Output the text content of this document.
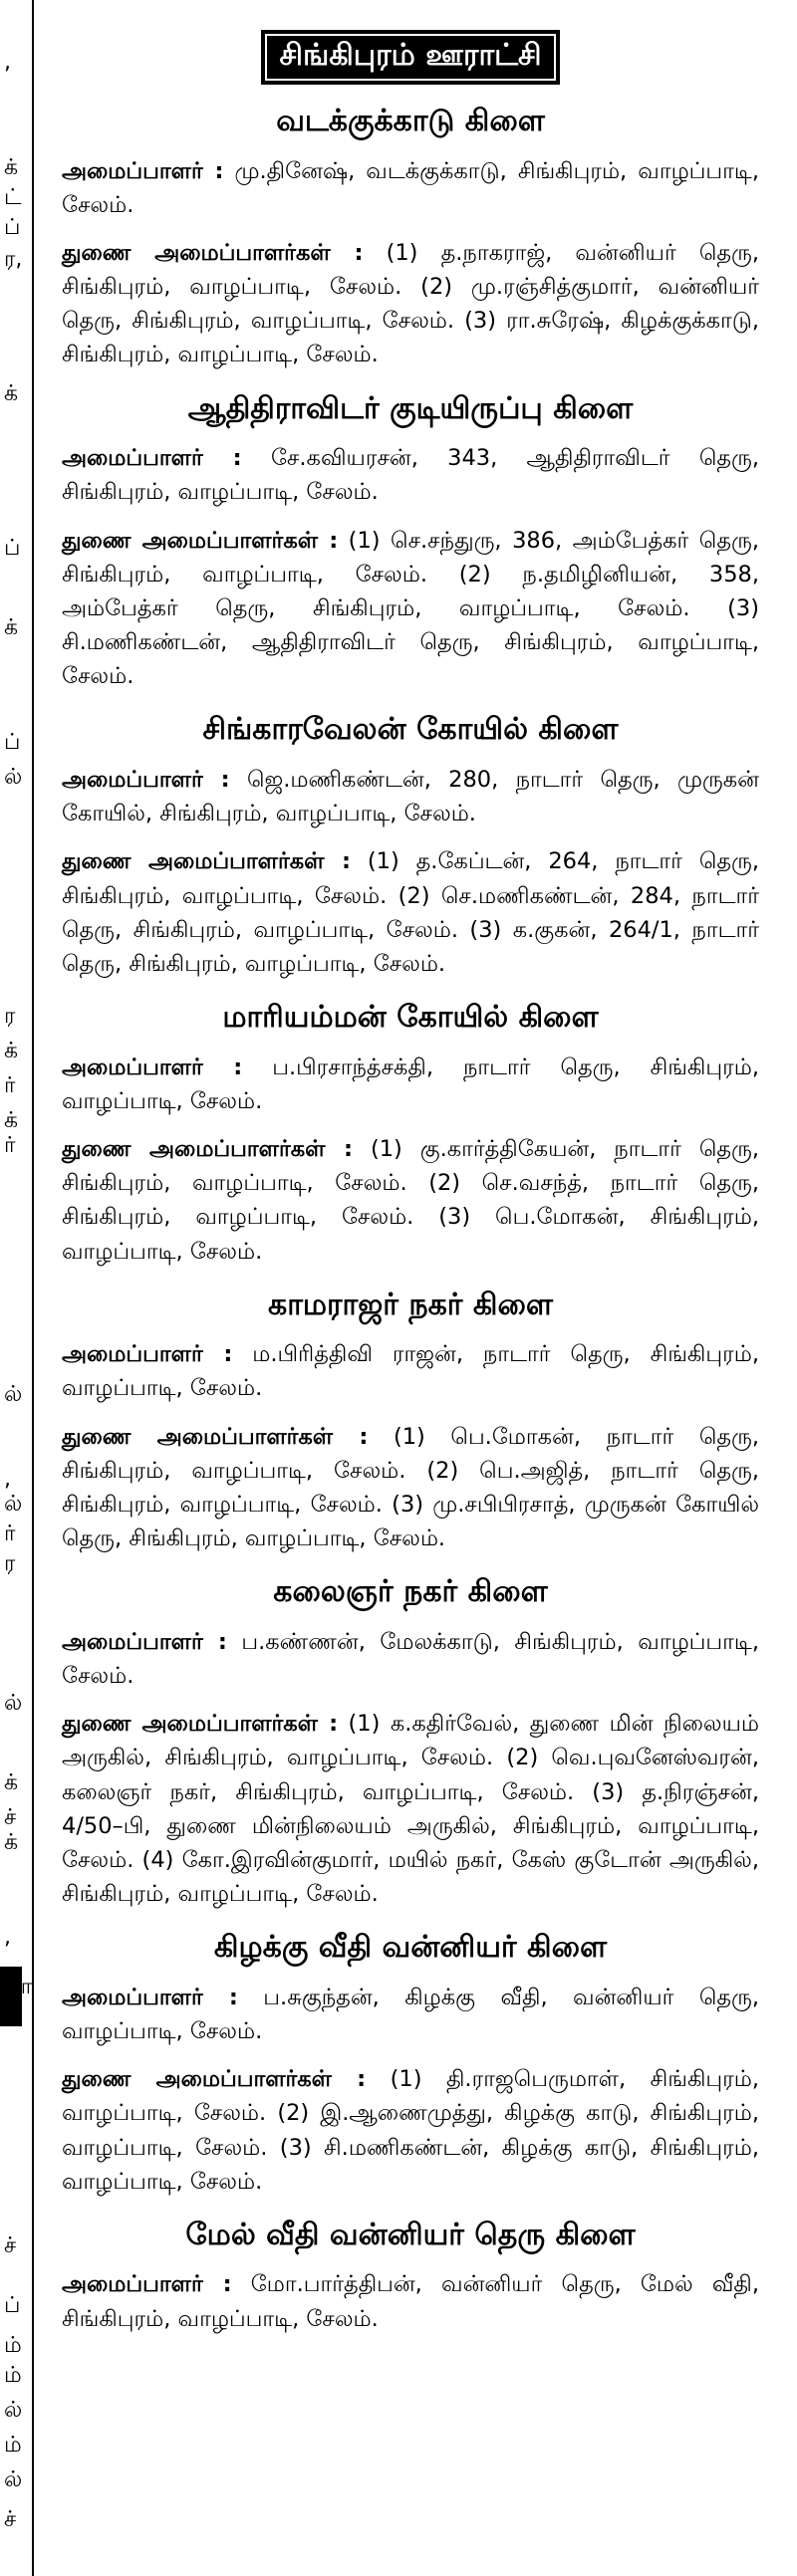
,
க்
ட்
ப்
ர,
க்
ப்
க்
ப்
ல்
ர
க்
ர்
க்
ர்
ல்
,
ல்
ர்
ர
ல்
க்
ச்
க்
,
ா
ச்
ப்
ம்
ம்
ல்
ம்
ல்
ச்
சிங்கிபுரம் ஊராட்சி
வடக்குக்காடு கிளை

அமைப்பாளர் : மு.தினேஷ், வடக்குக்காடு, சிங்கிபுரம், வாழப்பாடி, சேலம்.

துணை அமைப்பாளர்கள் : (1) த.நாகராஜ், வன்னியர் தெரு, சிங்கிபுரம், வாழப்பாடி, சேலம். (2) மு.ரஞ்சித்குமார், வன்னியர் தெரு, சிங்கிபுரம், வாழப்பாடி, சேலம். (3) ரா.சுரேஷ், கிழக்குக்காடு, சிங்கிபுரம், வாழப்பாடி, சேலம்.

ஆதிதிராவிடர் குடியிருப்பு கிளை

அமைப்பாளர் : சே.கவியரசன், 343, ஆதிதிராவிடர் தெரு, சிங்கிபுரம், வாழப்பாடி, சேலம்.

துணை அமைப்பாளர்கள் : (1) செ.சந்துரு, 386, அம்பேத்கர் தெரு, சிங்கிபுரம், வாழப்பாடி, சேலம். (2) ந.தமிழினியன், 358, அம்பேத்கர் தெரு, சிங்கிபுரம், வாழப்பாடி, சேலம். (3) சி.மணிகண்டன், ஆதிதிராவிடர் தெரு, சிங்கிபுரம், வாழப்பாடி, சேலம்.

சிங்காரவேலன் கோயில் கிளை

அமைப்பாளர் : ஜெ.மணிகண்டன், 280, நாடார் தெரு, முருகன் கோயில், சிங்கிபுரம், வாழப்பாடி, சேலம்.

துணை அமைப்பாளர்கள் : (1) த.கேப்டன், 264, நாடார் தெரு, சிங்கிபுரம், வாழப்பாடி, சேலம். (2) செ.மணிகண்டன், 284, நாடார் தெரு, சிங்கிபுரம், வாழப்பாடி, சேலம். (3) க.குகன், 264/1, நாடார் தெரு, சிங்கிபுரம், வாழப்பாடி, சேலம்.

மாரியம்மன் கோயில் கிளை

அமைப்பாளர் : ப.பிரசாந்த்சக்தி, நாடார் தெரு, சிங்கிபுரம், வாழப்பாடி, சேலம்.

துணை அமைப்பாளர்கள் : (1) கு.கார்த்திகேயன், நாடார் தெரு, சிங்கிபுரம், வாழப்பாடி, சேலம். (2) செ.வசந்த், நாடார் தெரு, சிங்கிபுரம், வாழப்பாடி, சேலம். (3) பெ.மோகன், சிங்கிபுரம், வாழப்பாடி, சேலம்.

காமராஜர் நகர் கிளை

அமைப்பாளர் : ம.பிரித்திவி ராஜன், நாடார் தெரு, சிங்கிபுரம், வாழப்பாடி, சேலம்.

துணை அமைப்பாளர்கள் : (1) பெ.மோகன், நாடார் தெரு, சிங்கிபுரம், வாழப்பாடி, சேலம். (2) பெ.அஜித், நாடார் தெரு, சிங்கிபுரம், வாழப்பாடி, சேலம். (3) மு.சபிபிரசாத், முருகன் கோயில் தெரு, சிங்கிபுரம், வாழப்பாடி, சேலம்.

கலைஞர் நகர் கிளை

அமைப்பாளர் : ப.கண்ணன், மேலக்காடு, சிங்கிபுரம், வாழப்பாடி, சேலம்.

துணை அமைப்பாளர்கள் : (1) க.கதிர்வேல், துணை மின் நிலையம் அருகில், சிங்கிபுரம், வாழப்பாடி, சேலம். (2) வெ.புவனேஸ்வரன், கலைஞர் நகர், சிங்கிபுரம், வாழப்பாடி, சேலம். (3) த.நிரஞ்சன், 4/50–பி, துணை மின்நிலையம் அருகில், சிங்கிபுரம், வாழப்பாடி, சேலம். (4) கோ.இரவின்குமார், மயில் நகர், கேஸ் குடோன் அருகில், சிங்கிபுரம், வாழப்பாடி, சேலம்.

கிழக்கு வீதி வன்னியர் கிளை

அமைப்பாளர் : ப.சுகுந்தன், கிழக்கு வீதி, வன்னியர் தெரு, வாழப்பாடி, சேலம்.

துணை அமைப்பாளர்கள் : (1) தி.ராஜபெருமாள், சிங்கிபுரம், வாழப்பாடி, சேலம். (2) இ.ஆணைமுத்து, கிழக்கு காடு, சிங்கிபுரம், வாழப்பாடி, சேலம். (3) சி.மணிகண்டன், கிழக்கு காடு, சிங்கிபுரம், வாழப்பாடி, சேலம்.

மேல் வீதி வன்னியர் தெரு கிளை

அமைப்பாளர் : மோ.பார்த்திபன், வன்னியர் தெரு, மேல் வீதி, சிங்கிபுரம், வாழப்பாடி, சேலம்.
